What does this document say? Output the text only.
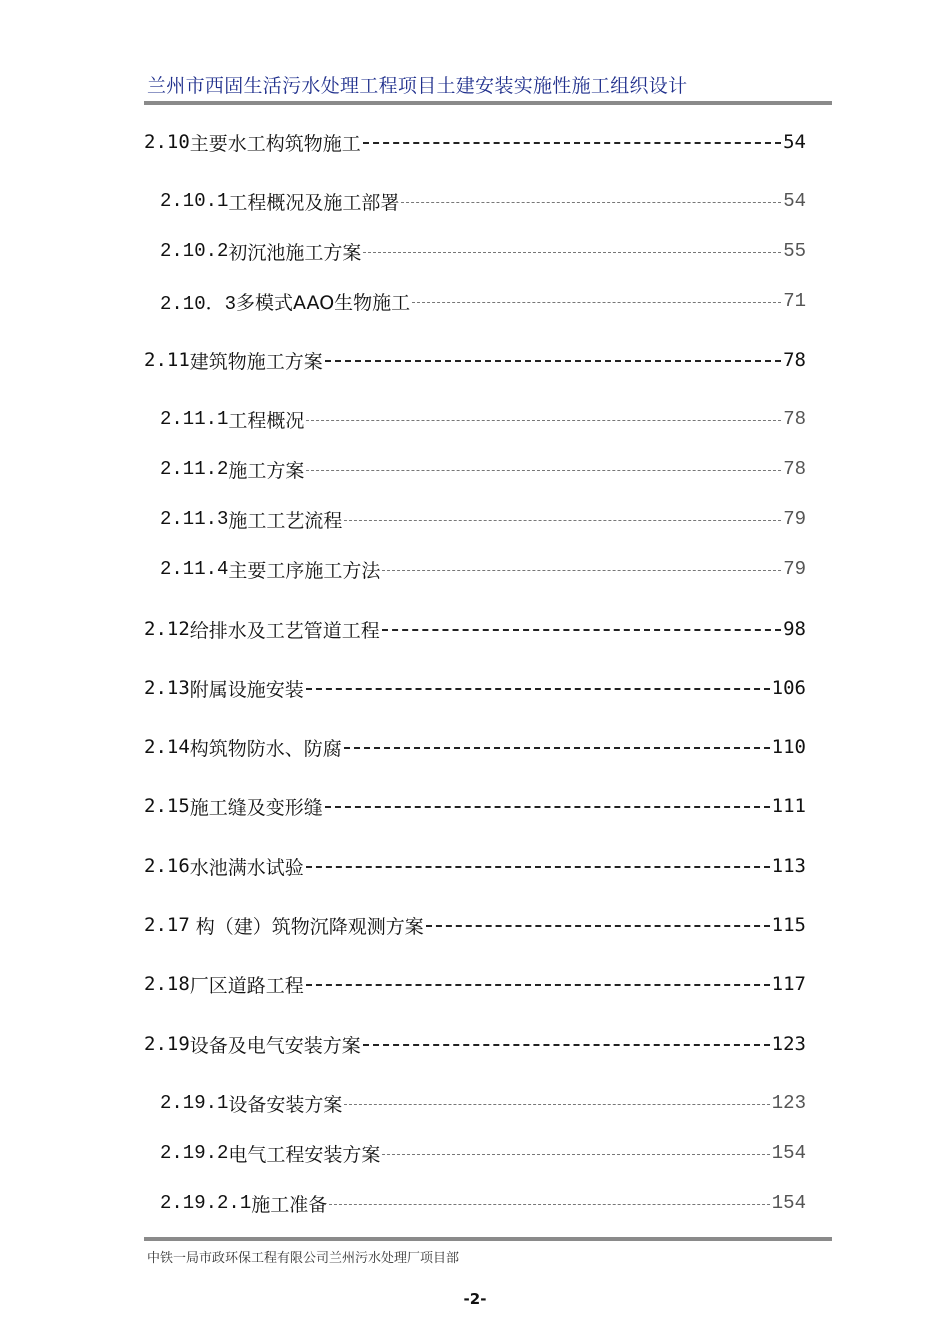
兰州市西固生活污水处理工程项目土建安装实施性施工组织设计
2.10 主要水工构筑物施工	54
2.10.1 工程概况及施工部署	54
2.10.2 初沉池施工方案	55
2.10．3 多模式AAO生物施工	71
2.11 建筑物施工方案	78
2.11.1 工程概况	78
2.11.2 施工方案	78
2.11.3 施工工艺流程	79
2.11.4 主要工序施工方法	79
2.12 给排水及工艺管道工程	98
2.13 附属设施安装	106
2.14 构筑物防水、防腐	110
2.15 施工缝及变形缝	111
2.16 水池满水试验	113
2.17 构（建）筑物沉降观测方案	115
2.18 厂区道路工程	117
2.19 设备及电气安装方案	123
2.19.1 设备安装方案	123
2.19.2 电气工程安装方案	154
2.19.2.1 施工准备	154
中铁一局市政环保工程有限公司兰州污水处理厂项目部
-2-
